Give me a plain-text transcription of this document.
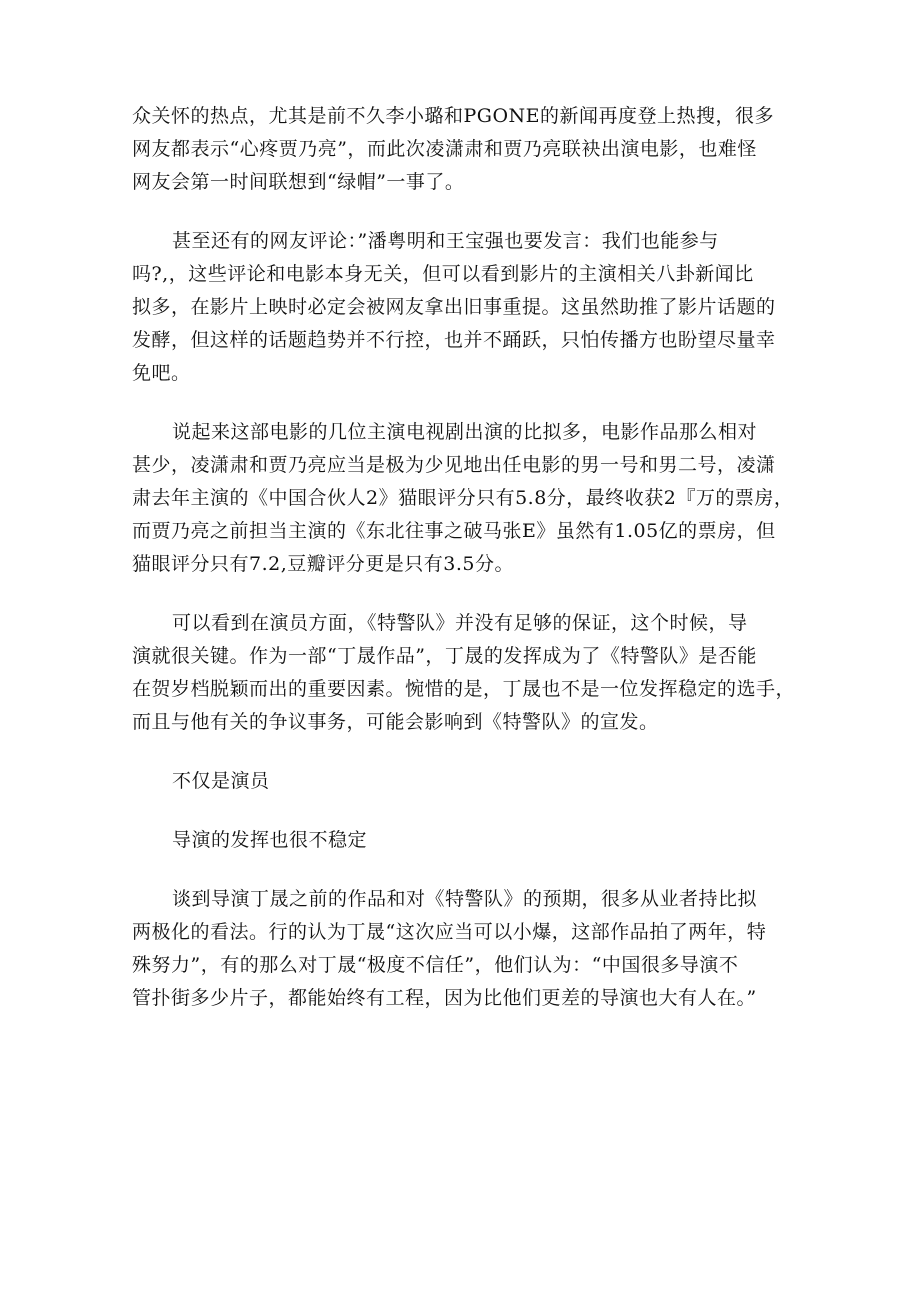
众关怀的热点，尤其是前不久李小璐和PGONE的新闻再度登上热搜，很多
网友都表示“心疼贾乃亮”，而此次凌潇肃和贾乃亮联袂出演电影，也难怪
网友会第一时间联想到“绿帽”一事了。

甚至还有的网友评论：”潘粤明和王宝强也要发言：我们也能参与
吗?,，这些评论和电影本身无关，但可以看到影片的主演相关八卦新闻比
拟多，在影片上映时必定会被网友拿出旧事重提。这虽然助推了影片话题的
发酵，但这样的话题趋势并不行控，也并不踊跃，只怕传播方也盼望尽量幸
免吧。

说起来这部电影的几位主演电视剧出演的比拟多，电影作品那么相对
甚少，凌潇肃和贾乃亮应当是极为少见地出任电影的男一号和男二号，凌潇
肃去年主演的《中国合伙人2》猫眼评分只有5.8分，最终收获2『万的票房，
而贾乃亮之前担当主演的《东北往事之破马张E》虽然有1.05亿的票房，但
猫眼评分只有7.2,豆瓣评分更是只有3.5分。

可以看到在演员方面，《特警队》并没有足够的保证，这个时候，导
演就很关键。作为一部“丁晟作品”，丁晟的发挥成为了《特警队》是否能
在贺岁档脱颖而出的重要因素。惋惜的是，丁晟也不是一位发挥稳定的选手，
而且与他有关的争议事务，可能会影响到《特警队》的宣发。

不仅是演员

导演的发挥也很不稳定

谈到导演丁晟之前的作品和对《特警队》的预期，很多从业者持比拟
两极化的看法。行的认为丁晟“这次应当可以小爆，这部作品拍了两年，特
殊努力”，有的那么对丁晟“极度不信任”，他们认为：“中国很多导演不
管扑街多少片子，都能始终有工程，因为比他们更差的导演也大有人在。”
